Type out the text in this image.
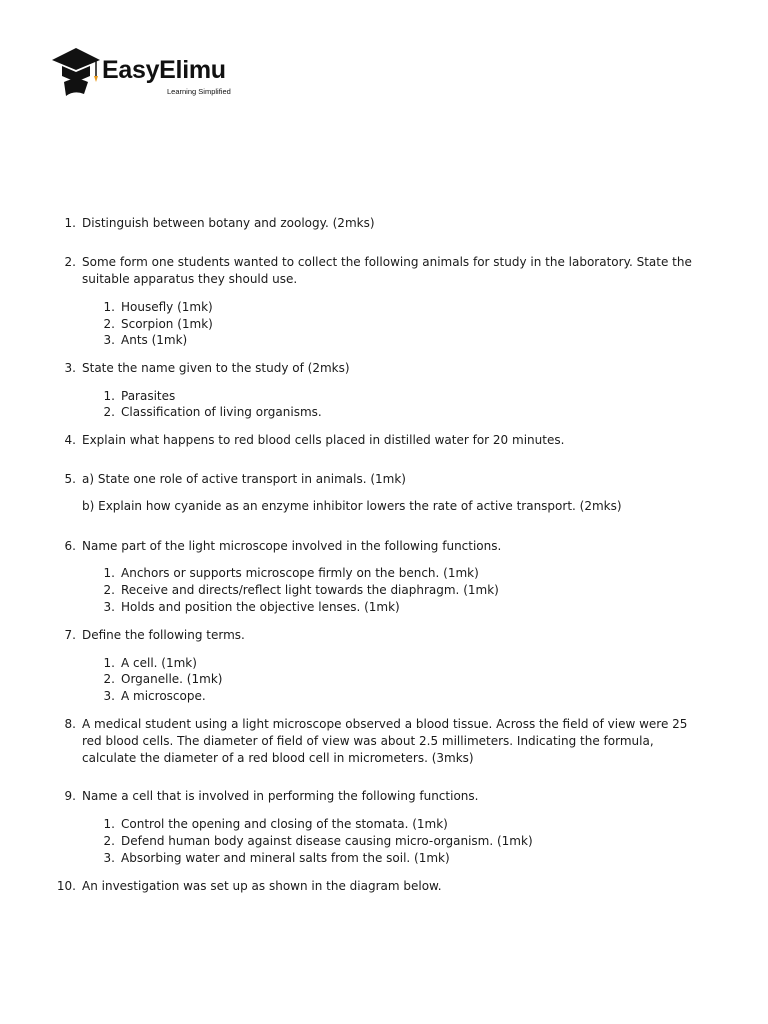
EasyElimu
Learning Simplified
1. Distinguish between botany and zoology. (2mks)
2. Some form one students wanted to collect the following animals for study in the laboratory. State the suitable apparatus they should use.
1. Housefly (1mk)
2. Scorpion (1mk)
3. Ants (1mk)
3. State the name given to the study of (2mks)
1. Parasites
2. Classification of living organisms.
4. Explain what happens to red blood cells placed in distilled water for 20 minutes.
5. a) State one role of active transport in animals. (1mk)
b) Explain how cyanide as an enzyme inhibitor lowers the rate of active transport. (2mks)
6. Name part of the light microscope involved in the following functions.
1. Anchors or supports microscope firmly on the bench. (1mk)
2. Receive and directs/reflect light towards the diaphragm. (1mk)
3. Holds and position the objective lenses. (1mk)
7. Define the following terms.
1. A cell. (1mk)
2. Organelle. (1mk)
3. A microscope.
8. A medical student using a light microscope observed a blood tissue. Across the field of view were 25 red blood cells. The diameter of field of view was about 2.5 millimeters. Indicating the formula, calculate the diameter of a red blood cell in micrometers. (3mks)
9. Name a cell that is involved in performing the following functions.
1. Control the opening and closing of the stomata. (1mk)
2. Defend human body against disease causing micro-organism. (1mk)
3. Absorbing water and mineral salts from the soil. (1mk)
10. An investigation was set up as shown in the diagram below.
